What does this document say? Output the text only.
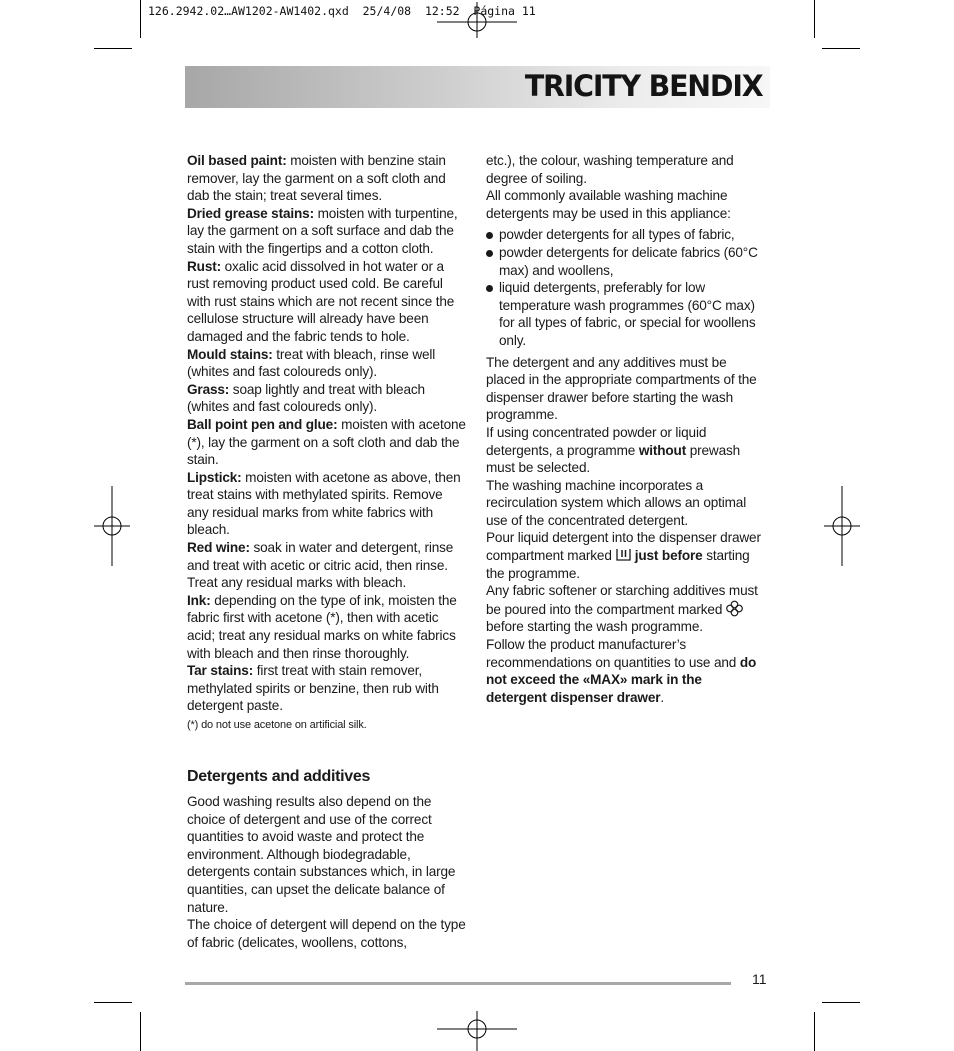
126.2942.02…AW1202-AW1402.qxd  25/4/08  12:52  Página 11
TRICITY BENDIX

Oil based paint: moisten with benzine stain remover, lay the garment on a soft cloth and dab the stain; treat several times.

Dried grease stains: moisten with turpentine, lay the garment on a soft surface and dab the stain with the fingertips and a cotton cloth.

Rust: oxalic acid dissolved in hot water or a rust removing product used cold. Be careful with rust stains which are not recent since the cellulose structure will already have been damaged and the fabric tends to hole.

Mould stains: treat with bleach, rinse well (whites and fast coloureds only).

Grass: soap lightly and treat with bleach (whites and fast coloureds only).

Ball point pen and glue: moisten with acetone (*), lay the garment on a soft cloth and dab the stain.

Lipstick: moisten with acetone as above, then treat stains with methylated spirits. Remove any residual marks from white fabrics with bleach.

Red wine: soak in water and detergent, rinse and treat with acetic or citric acid, then rinse. Treat any residual marks with bleach.

Ink: depending on the type of ink, moisten the fabric first with acetone (*), then with acetic acid; treat any residual marks on white fabrics with bleach and then rinse thoroughly.

Tar stains: first treat with stain remover, methylated spirits or benzine, then rub with detergent paste.

(*) do not use acetone on artificial silk.

Detergents and additives

Good washing results also depend on the choice of detergent and use of the correct quantities to avoid waste and protect the environment. Although biodegradable, detergents contain substances which, in large quantities, can upset the delicate balance of nature.

The choice of detergent will depend on the type of fabric (delicates, woollens, cottons,

etc.), the colour, washing temperature and degree of soiling.

All commonly available washing machine detergents may be used in this appliance:

powder detergents for all types of fabric,
powder detergents for delicate fabrics (60°C max) and woollens,
liquid detergents, preferably for low temperature wash programmes (60°C max) for all types of fabric, or special for woollens only.

The detergent and any additives must be placed in the appropriate compartments of the dispenser drawer before starting the wash programme.

If using concentrated powder or liquid detergents, a programme without prewash must be selected.

The washing machine incorporates a recirculation system which allows an optimal use of the concentrated detergent.

Pour liquid detergent into the dispenser drawer compartment marked just before starting the programme.

Any fabric softener or starching additives must be poured into the compartment marked before starting the wash programme.

Follow the product manufacturer’s recommendations on quantities to use and do not exceed the «MAX» mark in the detergent dispenser drawer.

11
